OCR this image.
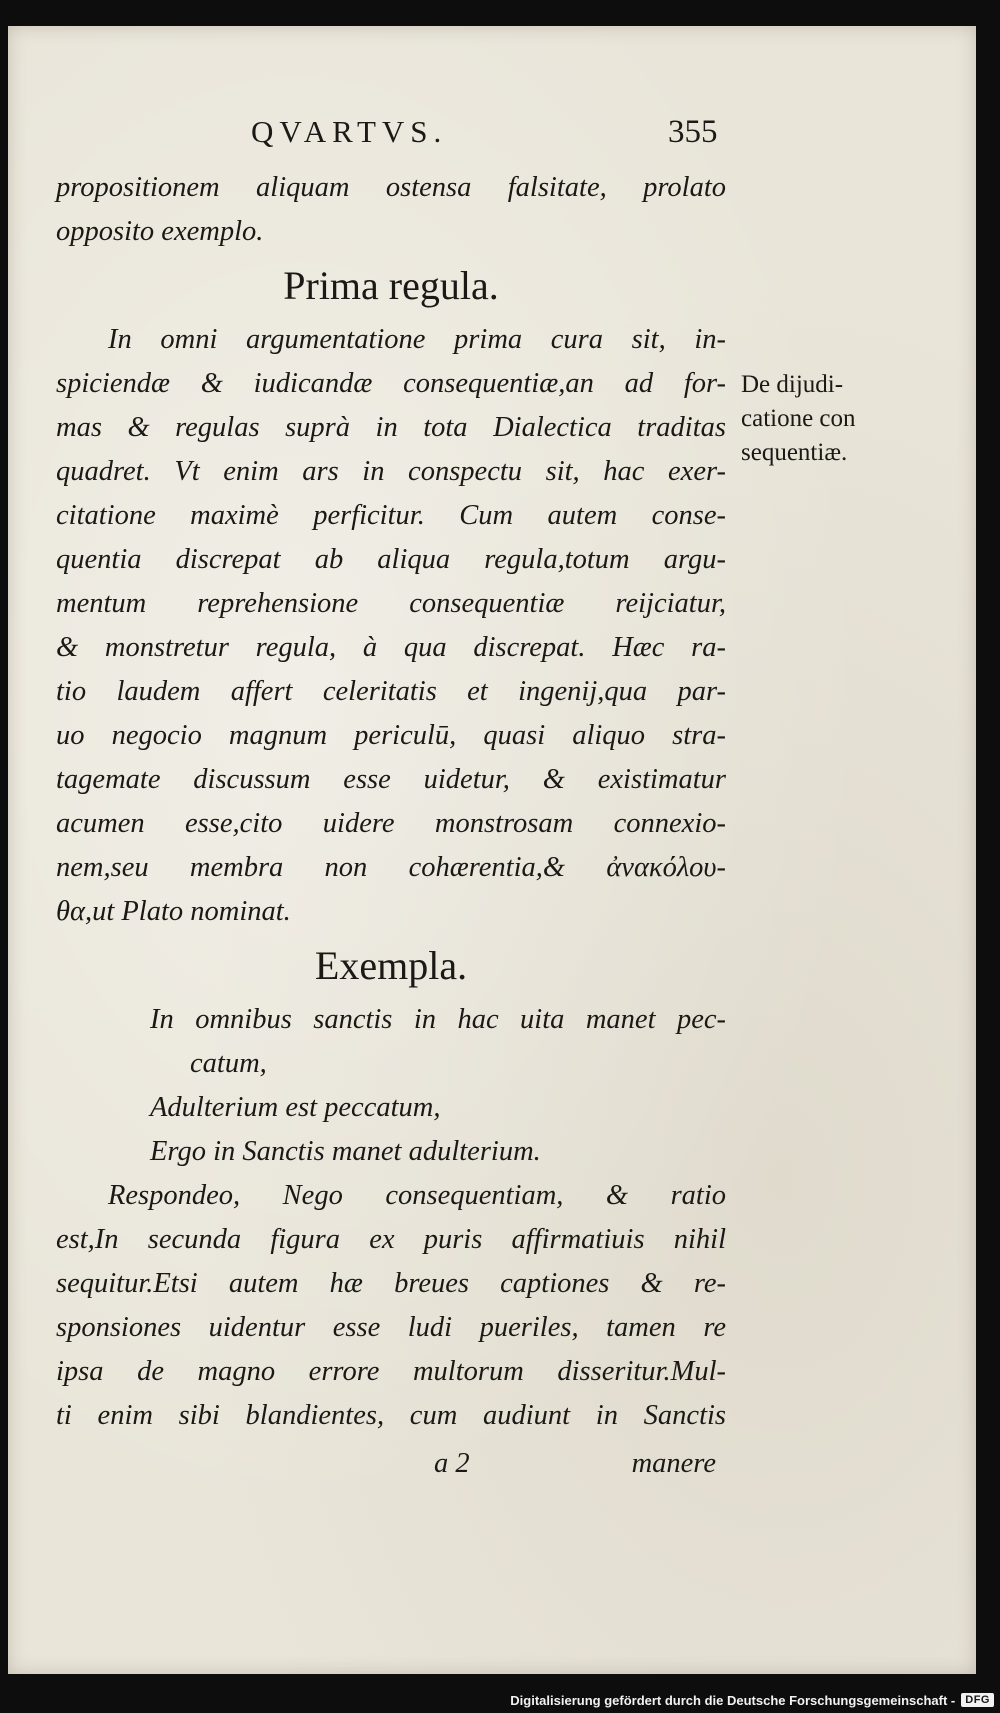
QVARTVS.	355
propositionem aliquam ostensa falsitate, prolato
opposito exemplo.
Prima regula.
In omni argumentatione prima cura sit, in-
spiciendæ & iudicandæ consequentiæ,an ad for-
mas & regulas suprà in tota Dialectica traditas
quadret. Vt enim ars in conspectu sit, hac exer-
citatione maximè perficitur. Cum autem conse-
quentia discrepat ab aliqua regula,totum argu-
mentum reprehensione consequentiæ reijciatur,
& monstretur regula, à qua discrepat. Hæc ra-
tio laudem affert celeritatis et ingenij,qua par-
uo negocio magnum periculū, quasi aliquo stra-
tagemate discussum esse uidetur, & existimatur
acumen esse,cito uidere monstrosam connexio-
nem,seu membra non cohærentia,& ἀνακόλου-
θα,ut Plato nominat.
Exempla.
In omnibus sanctis in hac uita manet pec-
catum,
Adulterium est peccatum,
Ergo in Sanctis manet adulterium.
Respondeo, Nego consequentiam, & ratio
est,In secunda figura ex puris affirmatiuis nihil
sequitur.Etsi autem hæ breues captiones & re-
sponsiones uidentur esse ludi pueriles, tamen re
ipsa de magno errore multorum disseritur.Mul-
ti enim sibi blandientes, cum audiunt in Sanctis
a 2	manere
De dijudi-
catione con
sequentiæ.
Digitalisierung gefördert durch die Deutsche Forschungsgemeinschaft - DFG
